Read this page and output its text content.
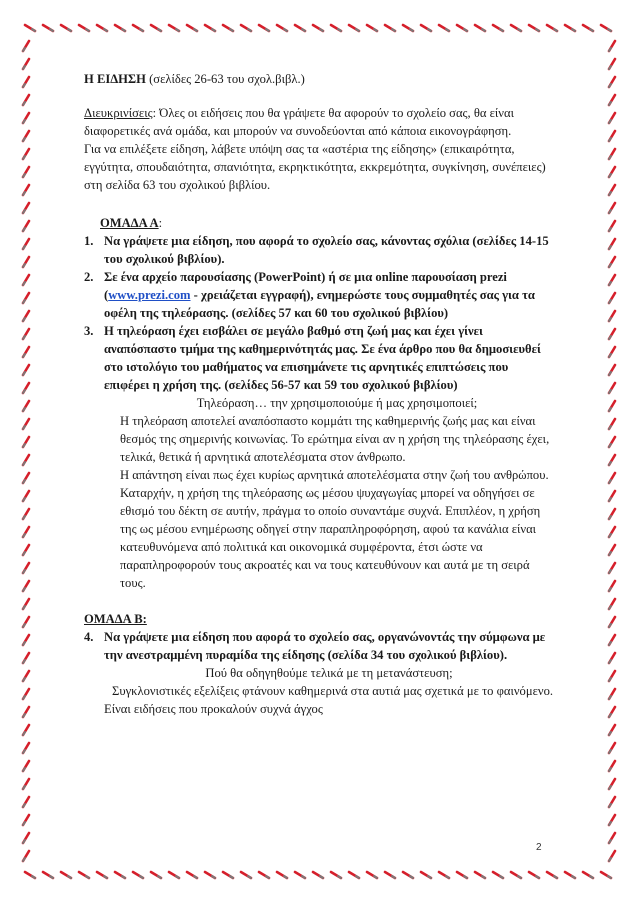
Η ΕΙΔΗΣΗ (σελίδες 26-63 του σχολ.βιβλ.)

Διευκρινίσεις: Όλες οι ειδήσεις που θα γράψετε θα αφορούν το σχολείο σας, θα είναι διαφορετικές ανά ομάδα, και μπορούν να συνοδεύονται από κάποια εικονογράφηση.

Για να επιλέξετε είδηση, λάβετε υπόψη σας τα «αστέρια της είδησης» (επικαιρότητα, εγγύτητα, σπουδαιότητα, σπανιότητα, εκρηκτικότητα, εκκρεμότητα, συγκίνηση, συνέπειες) στη σελίδα 63 του σχολικού βιβλίου.

ΟΜΑΔΑ Α:

1. Να γράψετε μια είδηση, που αφορά το σχολείο σας, κάνοντας σχόλια (σελίδες 14-15 του σχολικού βιβλίου).
2. Σε ένα αρχείο παρουσίασης (PowerPoint) ή σε μια online παρουσίαση prezi (www.prezi.com - χρειάζεται εγγραφή), ενημερώστε τους συμμαθητές σας για τα οφέλη της τηλεόρασης. (σελίδες 57 και 60 του σχολικού βιβλίου)
3. Η τηλεόραση έχει εισβάλει σε μεγάλο βαθμό στη ζωή μας και έχει γίνει αναπόσπαστο τμήμα της καθημερινότητάς μας. Σε ένα άρθρο που θα δημοσιευθεί στο ιστολόγιο του μαθήματος να επισημάνετε τις αρνητικές επιπτώσεις που επιφέρει η χρήση της. (σελίδες 56-57 και 59 του σχολικού βιβλίου)

Τηλεόραση… την χρησιμοποιούμε ή μας χρησιμοποιεί;

Η τηλεόραση αποτελεί αναπόσπαστο κομμάτι της καθημερινής ζωής μας και είναι θεσμός της σημερινής κοινωνίας. Το ερώτημα είναι αν η χρήση της τηλεόρασης έχει, τελικά, θετικά ή αρνητικά αποτελέσματα στον άνθρωπο.

Η απάντηση είναι πως έχει κυρίως αρνητικά αποτελέσματα στην ζωή του ανθρώπου. Καταρχήν, η χρήση της τηλεόρασης ως μέσου ψυχαγωγίας μπορεί να οδηγήσει σε εθισμό του δέκτη σε αυτήν, πράγμα το οποίο συναντάμε συχνά. Επιπλέον, η χρήση της ως μέσου ενημέρωσης οδηγεί στην παραπληροφόρηση, αφού τα κανάλια είναι κατευθυνόμενα από πολιτικά και οικονομικά συμφέροντα, έτσι ώστε να παραπληροφορούν τους ακροατές και να τους κατευθύνουν και αυτά με τη σειρά τους.

ΟΜΑΔΑ Β:

4. Να γράψετε μια είδηση που αφορά το σχολείο σας, οργανώνοντάς την σύμφωνα με την ανεστραμμένη πυραμίδα της είδησης (σελίδα 34 του σχολικού βιβλίου).

Πού θα οδηγηθούμε τελικά με τη μετανάστευση;

Συγκλονιστικές εξελίξεις φτάνουν καθημερινά στα αυτιά μας σχετικά με το φαινόμενο. Είναι ειδήσεις που προκαλούν συχνά άγχος

2
